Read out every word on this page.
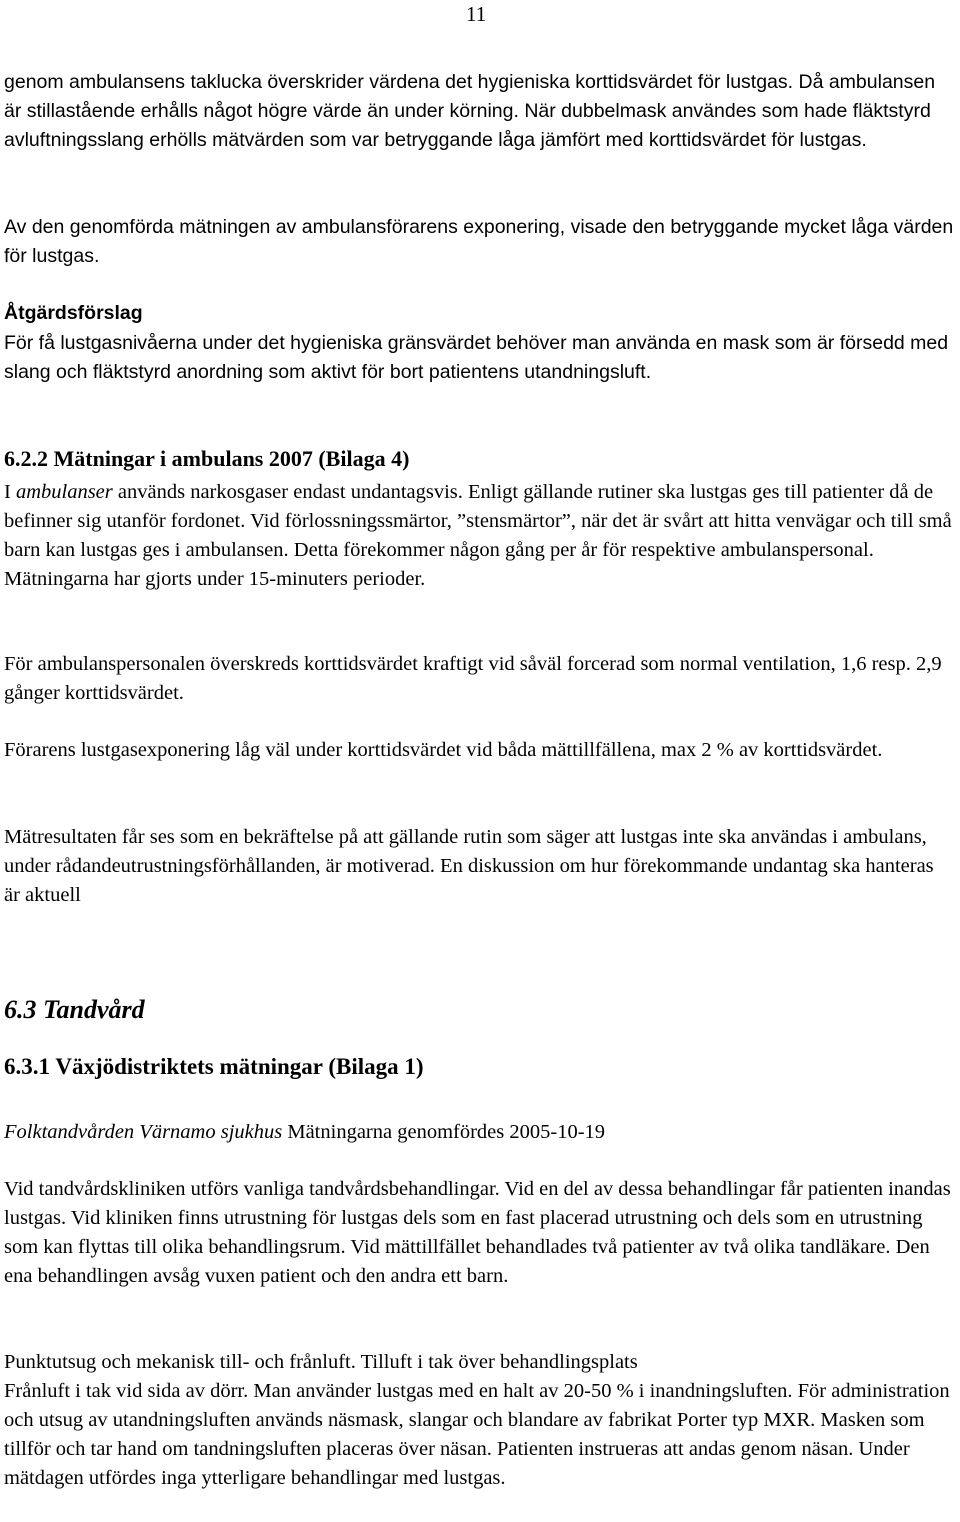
11

genom ambulansens taklucka överskrider värdena det hygieniska korttidsvärdet för lustgas. Då ambulansen är stillastående erhålls något högre värde än under körning. När dubbelmask användes som hade fläktstyrd avluftningsslang erhölls mätvärden som var betryggande låga jämfört med korttidsvärdet för lustgas.

Av den genomförda mätningen av ambulansförarens exponering, visade den betryggande mycket låga värden för lustgas.

Åtgärdsförslag

För få lustgasnivåerna under det hygieniska gränsvärdet behöver man använda en mask som är försedd med slang och fläktstyrd anordning som aktivt för bort patientens utandningsluft.

6.2.2 Mätningar i ambulans 2007 (Bilaga 4)

I ambulanser används narkosgaser endast undantagsvis. Enligt gällande rutiner ska lustgas ges till patienter då de befinner sig utanför fordonet. Vid förlossningssmärtor, ”stensmärtor”, när det är svårt att hitta venvägar och till små barn kan lustgas ges i ambulansen. Detta förekommer någon gång per år för respektive ambulanspersonal. Mätningarna har gjorts under 15-minuters perioder.

För ambulanspersonalen överskreds korttidsvärdet kraftigt vid såväl forcerad som normal ventilation, 1,6 resp. 2,9 gånger korttidsvärdet.

Förarens lustgasexponering låg väl under korttidsvärdet vid båda mättillfällena, max 2 % av korttidsvärdet.

Mätresultaten får ses som en bekräftelse på att gällande rutin som säger att lustgas inte ska användas i ambulans, under rådandeutrustningsförhållanden, är motiverad. En diskussion om hur förekommande undantag ska hanteras är aktuell

6.3 Tandvård

6.3.1 Växjödistriktets mätningar (Bilaga 1)

Folktandvården Värnamo sjukhus Mätningarna genomfördes 2005-10-19

Vid tandvårdskliniken utförs vanliga tandvårdsbehandlingar. Vid en del av dessa behandlingar får patienten inandas lustgas. Vid kliniken finns utrustning för lustgas dels som en fast placerad utrustning och dels som en utrustning som kan flyttas till olika behandlingsrum. Vid mättillfället behandlades två patienter av två olika tandläkare. Den ena behandlingen avsåg vuxen patient och den andra ett barn.

Punktutsug och mekanisk till- och frånluft. Tilluft i tak över behandlingsplats

Frånluft i tak vid sida av dörr. Man använder lustgas med en halt av 20-50 % i inandningsluften. För administration och utsug av utandningsluften används näsmask, slangar och blandare av fabrikat Porter typ MXR. Masken som tillför och tar hand om tandningsluften placeras över näsan. Patienten instrueras att andas genom näsan. Under mätdagen utfördes inga ytterligare behandlingar med lustgas.
